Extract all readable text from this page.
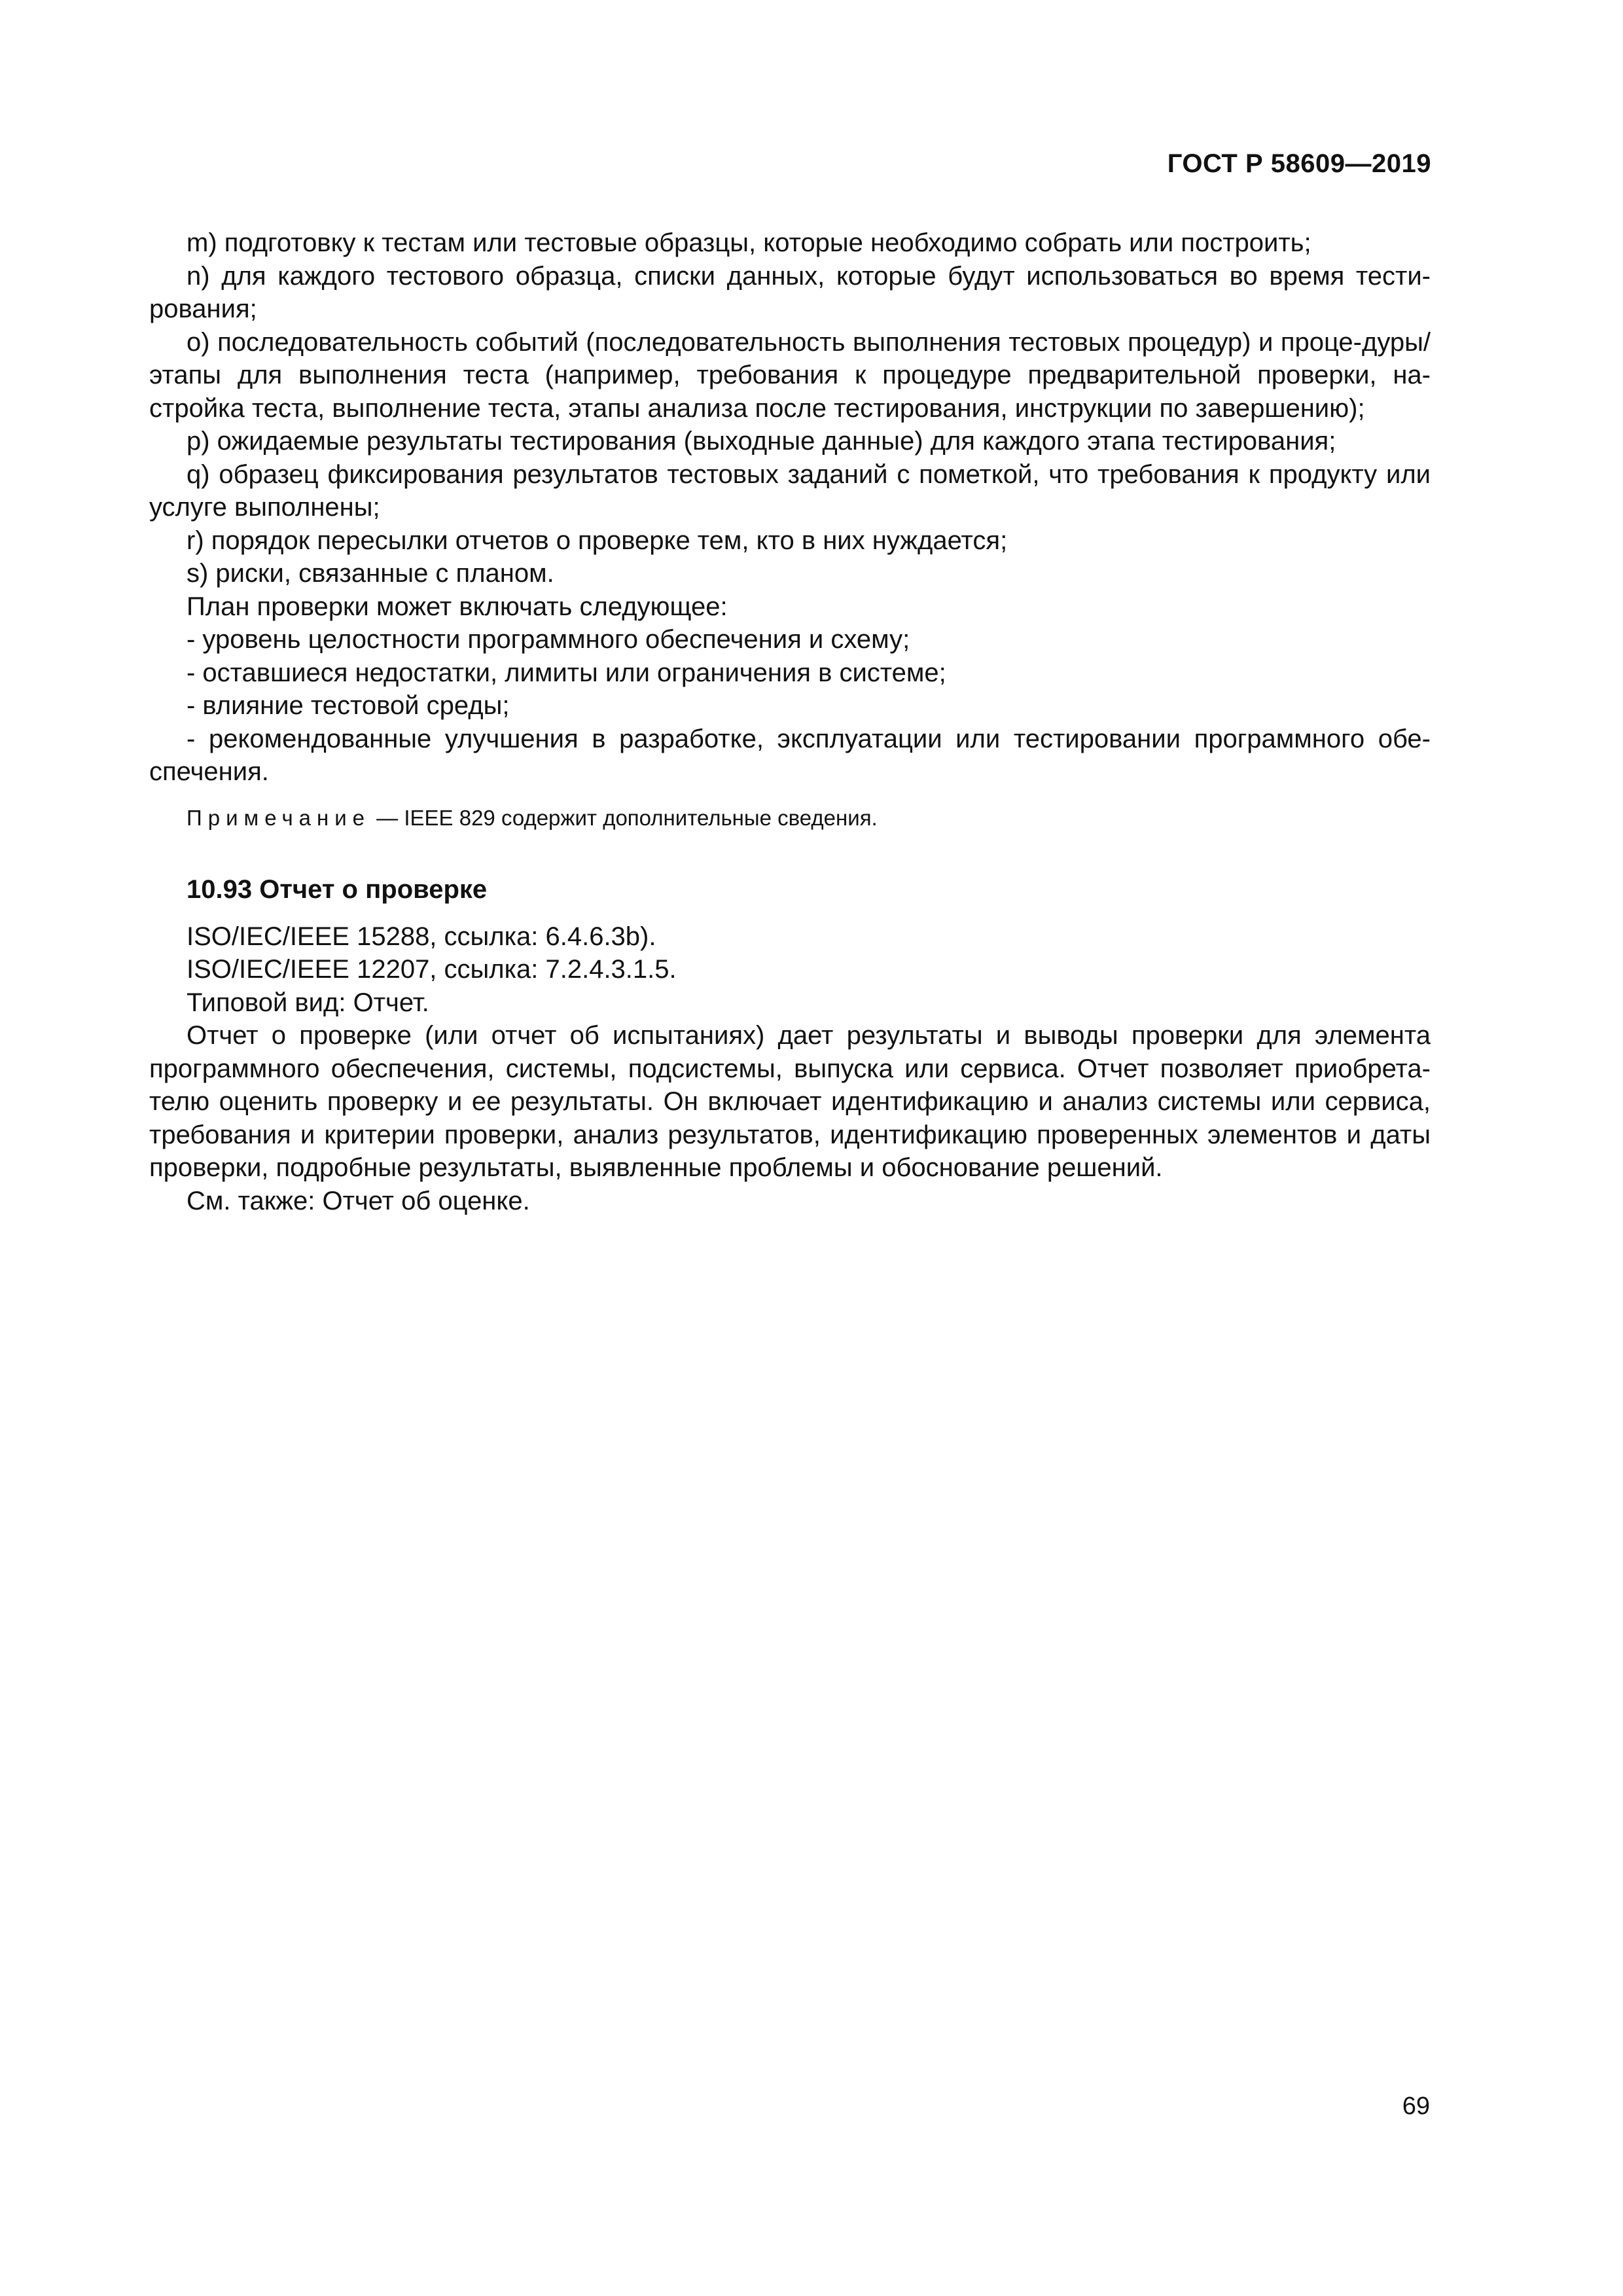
ГОСТ Р 58609—2019

m) подготовку к тестам или тестовые образцы, которые необходимо собрать или построить;

n) для каждого тестового образца, списки данных, которые будут использоваться во время тести-рования;

o) последовательность событий (последовательность выполнения тестовых процедур) и проце-дуры/этапы для выполнения теста (например, требования к процедуре предварительной проверки, на-стройка теста, выполнение теста, этапы анализа после тестирования, инструкции по завершению);

p) ожидаемые результаты тестирования (выходные данные) для каждого этапа тестирования;

q) образец фиксирования результатов тестовых заданий с пометкой, что требования к продукту или услуге выполнены;

r) порядок пересылки отчетов о проверке тем, кто в них нуждается;

s) риски, связанные с планом.

План проверки может включать следующее:

- уровень целостности программного обеспечения и схему;

- оставшиеся недостатки, лимиты или ограничения в системе;

- влияние тестовой среды;

- рекомендованные улучшения в разработке, эксплуатации или тестировании программного обе-спечения.

Примечание — IEEE 829 содержит дополнительные сведения.

10.93 Отчет о проверке

ISO/IEC/IEEE 15288, ссылка: 6.4.6.3b).

ISO/IEC/IEEE 12207, ссылка: 7.2.4.3.1.5.

Типовой вид: Отчет.

Отчет о проверке (или отчет об испытаниях) дает результаты и выводы проверки для элемента программного обеспечения, системы, подсистемы, выпуска или сервиса. Отчет позволяет приобрета-телю оценить проверку и ее результаты. Он включает идентификацию и анализ системы или сервиса, требования и критерии проверки, анализ результатов, идентификацию проверенных элементов и даты проверки, подробные результаты, выявленные проблемы и обоснование решений.

См. также: Отчет об оценке.

69
